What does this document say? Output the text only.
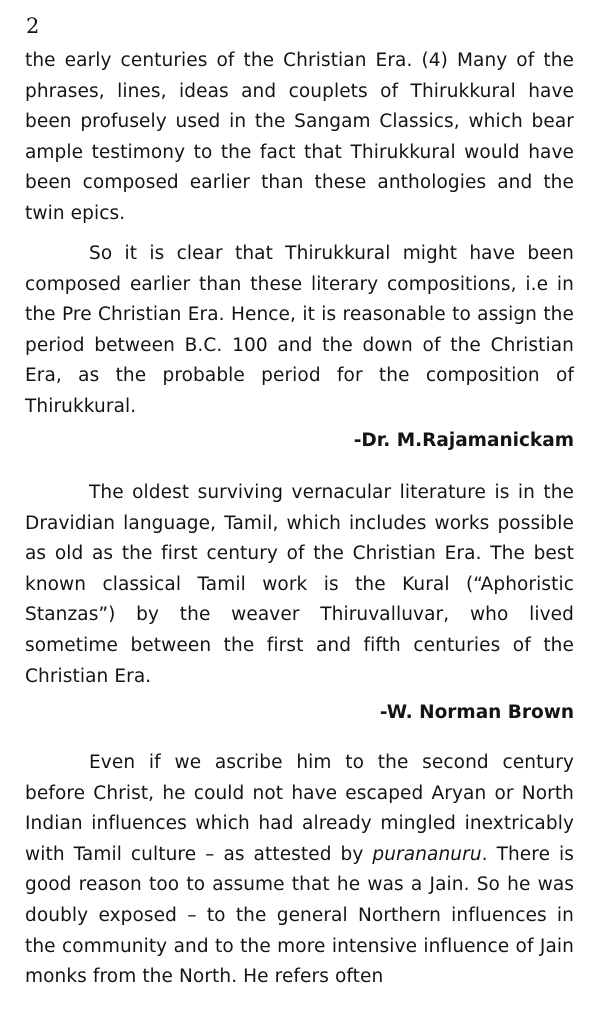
2

the early centuries of the Christian Era. (4) Many of the phrases, lines, ideas and couplets of Thirukkural have been profusely used in the Sangam Classics, which bear ample testimony to the fact that Thirukkural would have been composed earlier than these anthologies and the twin epics.

So it is clear that Thirukkural might have been composed earlier than these literary compositions, i.e in the Pre Christian Era. Hence, it is reasonable to assign the period between B.C. 100 and the down of the Christian Era, as the probable period for the composition of Thirukkural.

-Dr. M.Rajamanickam

The oldest surviving vernacular literature is in the Dravidian language, Tamil, which includes works possible as old as the first century of the Christian Era. The best known classical Tamil work is the Kural (“Aphoristic Stanzas”) by the weaver Thiruvalluvar, who lived sometime between the first and fifth centuries of the Christian Era.

-W. Norman Brown

Even if we ascribe him to the second century before Christ, he could not have escaped Aryan or North Indian influences which had already mingled inextricably with Tamil culture – as attested by purananuru. There is good reason too to assume that he was a Jain. So he was doubly exposed – to the general Northern influences in the community and to the more intensive influence of Jain monks from the North. He refers often
